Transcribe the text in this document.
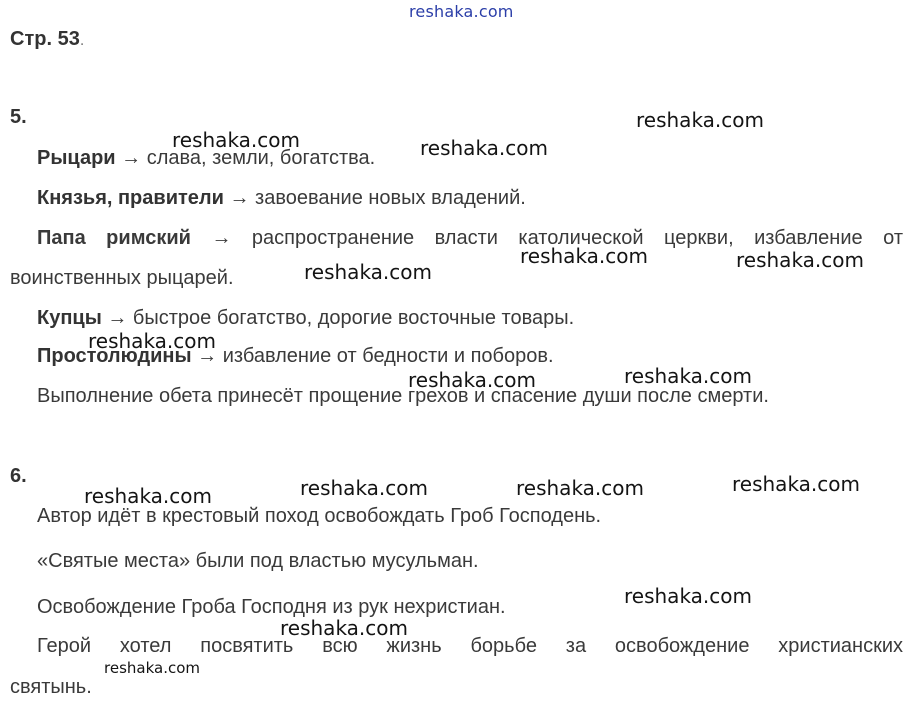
reshaka.com
Стр. 53.
5.
Рыцари → слава, земли, богатства.
Князья, правители → завоевание новых владений.
Папа римский → распространение власти католической церкви, избавление от
воинственных рыцарей.
Купцы → быстрое богатство, дорогие восточные товары.
Простолюдины → избавление от бедности и поборов.
Выполнение обета принесёт прощение грехов и спасение души после смерти.
6.
Автор идёт в крестовый поход освобождать Гроб Господень.
«Святые места» были под властью мусульман.
Освобождение Гроба Господня из рук нехристиан.
Герой хотел посвятить всю жизнь борьбе за освобождение христианских
святынь.
reshaka.com	reshaka.com
reshaka.com
reshaka.com
reshaka.com	reshaka.com
reshaka.com
reshaka.com	reshaka.com
reshaka.com	reshaka.com	reshaka.com	reshaka.com
reshaka.com
reshaka.com
reshaka.com
